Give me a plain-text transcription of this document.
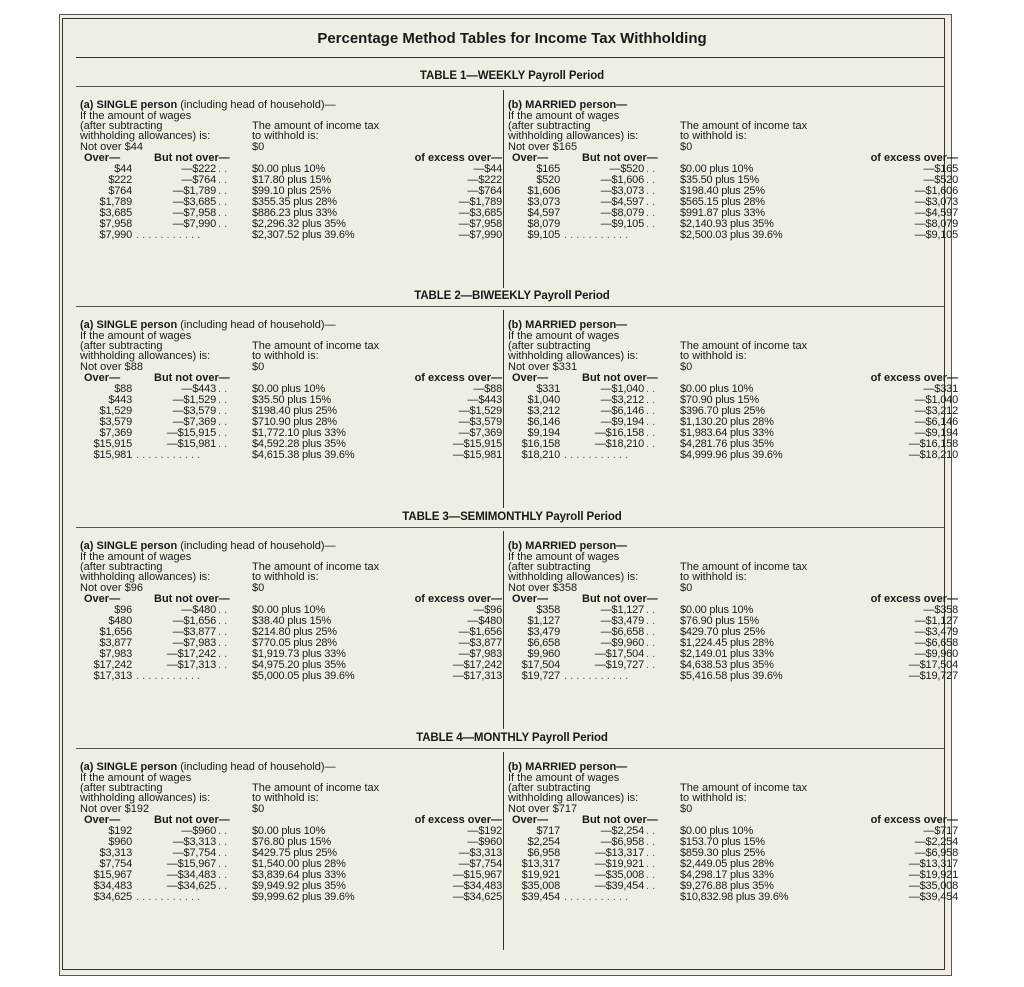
Percentage Method Tables for Income Tax Withholding
TABLE 1—WEEKLY Payroll Period
(a) SINGLE person (including head of household)—
If the amount of wages
(after subtracting
withholding allowances) is:
The amount of income tax
to withhold is:
Not over $44	$0
Over—	But not over—	of excess over—
$44	—$222 . . $0.00 plus 10%	—$44
$222	—$764 . . $17.80 plus 15%	—$222
$764	—$1,789 . . $99.10 plus 25%	—$764
$1,789	—$3,685 . . $355.35 plus 28%	—$1,789
$3,685	—$7,958 . . $886.23 plus 33%	—$3,685
$7,958	—$7,990 . . $2,296.32 plus 35%	—$7,958
$7,990 . . . . . . . . . . .	$2,307.52 plus 39.6%	—$7,990
(b) MARRIED person—
If the amount of wages
(after subtracting
withholding allowances) is:
The amount of income tax
to withhold is:
Not over $165	$0
Over—	But not over—	of excess over—
$165	—$520 . . $0.00 plus 10%	—$165
$520	—$1,606 . . $35.50 plus 15%	—$520
$1,606	—$3,073 . . $198.40 plus 25%	—$1,606
$3,073	—$4,597 . . $565.15 plus 28%	—$3,073
$4,597	—$8,079 . . $991.87 plus 33%	—$4,597
$8,079	—$9,105 . . $2,140.93 plus 35%	—$8,079
$9,105 . . . . . . . . . . .	$2,500.03 plus 39.6%	—$9,105
TABLE 2—BIWEEKLY Payroll Period
(a) SINGLE person (including head of household)—
If the amount of wages
(after subtracting
withholding allowances) is:
The amount of income tax
to withhold is:
Not over $88	$0
Over—	But not over—	of excess over—
$88	—$443 . . $0.00 plus 10%	—$88
$443	—$1,529 . . $35.50 plus 15%	—$443
$1,529	—$3,579 . . $198.40 plus 25%	—$1,529
$3,579	—$7,369 . . $710.90 plus 28%	—$3,579
$7,369	—$15,915 . . $1,772.10 plus 33%	—$7,369
$15,915	—$15,981 . . $4,592.28 plus 35%	—$15,915
$15,981 . . . . . . . . . . .	$4,615.38 plus 39.6%	—$15,981
(b) MARRIED person—
If the amount of wages
(after subtracting
withholding allowances) is:
The amount of income tax
to withhold is:
Not over $331	$0
Over—	But not over—	of excess over—
$331	—$1,040 . . $0.00 plus 10%	—$331
$1,040	—$3,212 . . $70.90 plus 15%	—$1,040
$3,212	—$6,146 . . $396.70 plus 25%	—$3,212
$6,146	—$9,194 . . $1,130.20 plus 28%	—$6,146
$9,194	—$16,158 . . $1,983.64 plus 33%	—$9,194
$16,158	—$18,210 . . $4,281.76 plus 35%	—$16,158
$18,210 . . . . . . . . . . .	$4,999.96 plus 39.6%	—$18,210
TABLE 3—SEMIMONTHLY Payroll Period
(a) SINGLE person (including head of household)—
If the amount of wages
(after subtracting
withholding allowances) is:
The amount of income tax
to withhold is:
Not over $96	$0
Over—	But not over—	of excess over—
$96	—$480 . . $0.00 plus 10%	—$96
$480	—$1,656 . . $38.40 plus 15%	—$480
$1,656	—$3,877 . . $214.80 plus 25%	—$1,656
$3,877	—$7,983 . . $770.05 plus 28%	—$3,877
$7,983	—$17,242 . . $1,919.73 plus 33%	—$7,983
$17,242	—$17,313 . . $4,975.20 plus 35%	—$17,242
$17,313 . . . . . . . . . . .	$5,000.05 plus 39.6%	—$17,313
(b) MARRIED person—
If the amount of wages
(after subtracting
withholding allowances) is:
The amount of income tax
to withhold is:
Not over $358	$0
Over—	But not over—	of excess over—
$358	—$1,127 . . $0.00 plus 10%	—$358
$1,127	—$3,479 . . $76.90 plus 15%	—$1,127
$3,479	—$6,658 . . $429.70 plus 25%	—$3,479
$6,658	—$9,960 . . $1,224.45 plus 28%	—$6,658
$9,960	—$17,504 . . $2,149.01 plus 33%	—$9,960
$17,504	—$19,727 . . $4,638.53 plus 35%	—$17,504
$19,727 . . . . . . . . . . .	$5,416.58 plus 39.6%	—$19,727
TABLE 4—MONTHLY Payroll Period
(a) SINGLE person (including head of household)—
If the amount of wages
(after subtracting
withholding allowances) is:
The amount of income tax
to withhold is:
Not over $192	$0
Over—	But not over—	of excess over—
$192	—$960 . . $0.00 plus 10%	—$192
$960	—$3,313 . . $76.80 plus 15%	—$960
$3,313	—$7,754 . . $429.75 plus 25%	—$3,313
$7,754	—$15,967 . . $1,540.00 plus 28%	—$7,754
$15,967	—$34,483 . . $3,839.64 plus 33%	—$15,967
$34,483	—$34,625 . . $9,949.92 plus 35%	—$34,483
$34,625 . . . . . . . . . . .	$9,999.62 plus 39.6%	—$34,625
(b) MARRIED person—
If the amount of wages
(after subtracting
withholding allowances) is:
The amount of income tax
to withhold is:
Not over $717	$0
Over—	But not over—	of excess over—
$717	—$2,254 . . $0.00 plus 10%	—$717
$2,254	—$6,958 . . $153.70 plus 15%	—$2,254
$6,958	—$13,317 . . $859.30 plus 25%	—$6,958
$13,317	—$19,921 . . $2,449.05 plus 28%	—$13,317
$19,921	—$35,008 . . $4,298.17 plus 33%	—$19,921
$35,008	—$39,454 . . $9,276.88 plus 35%	—$35,008
$39,454 . . . . . . . . . . .	$10,832.98 plus 39.6%	—$39,454
